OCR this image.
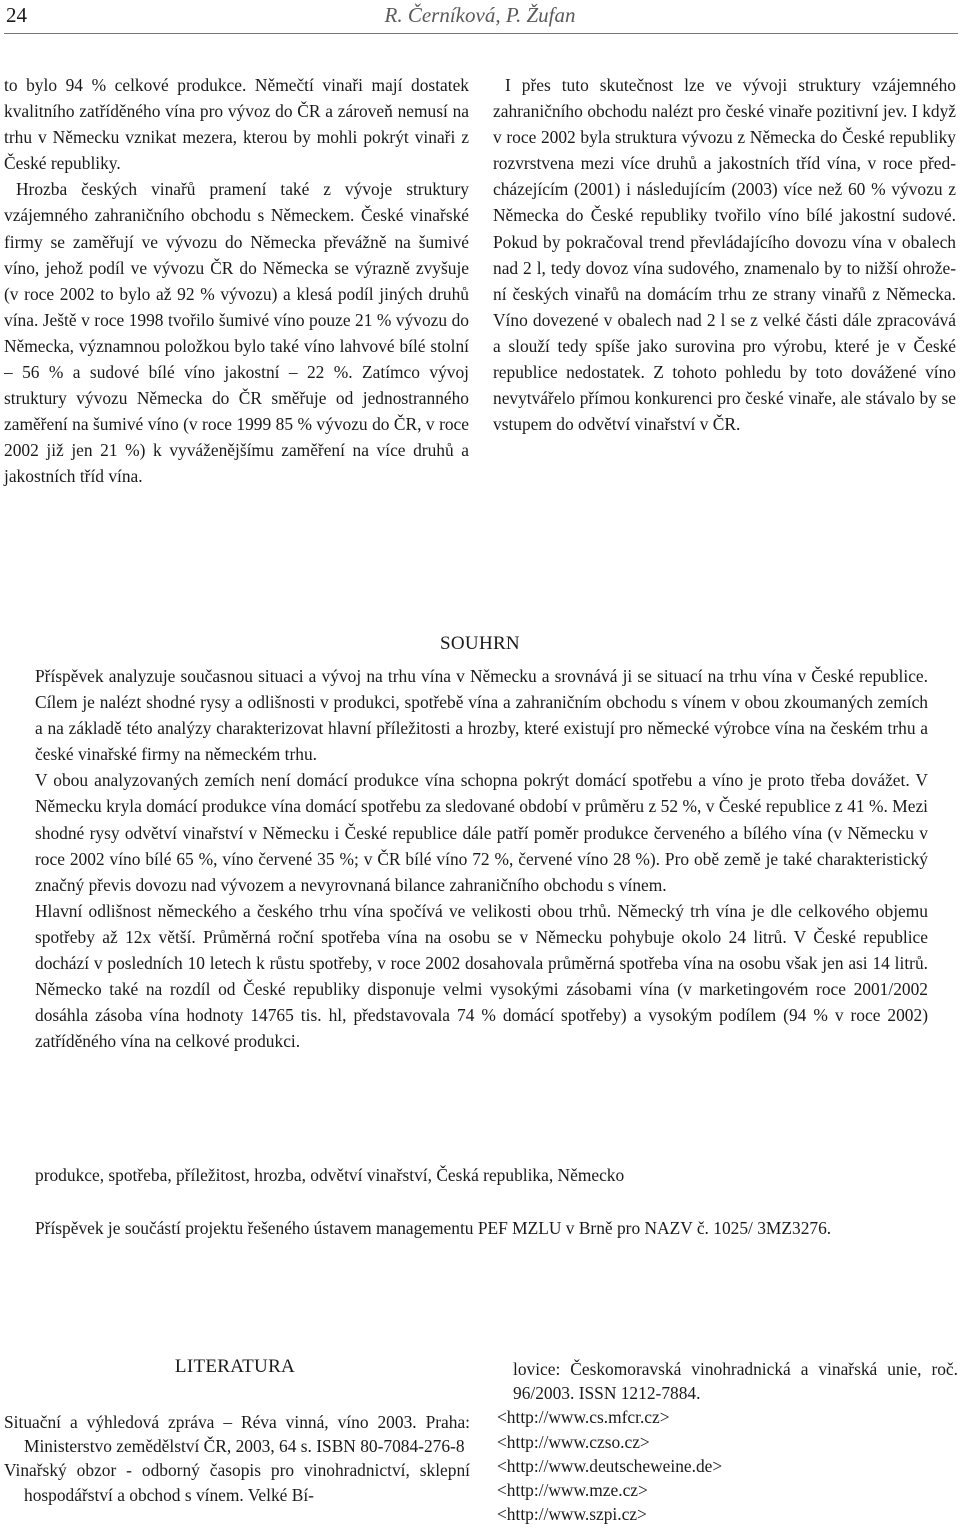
24	R. Černíková, P. Žufan

to bylo 94 % celkové produkce. Němečtí vinaři mají dostatek kvalitního zatříděného vína pro vývoz do ČR a zároveň nemusí na trhu v Německu vznikat mezera, kterou by mohli pokrýt vinaři z České republiky.

Hrozba českých vinařů pramení také z vývoje struktury vzájemného zahraničního obchodu s Německem. České vinařské firmy se zaměřují ve vývozu do Německa převážně na šumivé víno, jehož podíl ve vývozu ČR do Německa se výrazně zvyšuje (v roce 2002 to bylo až 92 % vývozu) a klesá podíl jiných druhů vína. Ještě v roce 1998 tvořilo šumivé víno pouze 21 % vývozu do Německa, významnou položkou bylo také víno lahvové bílé stolní – 56 % a sudové bílé víno jakostní – 22 %. Zatímco vývoj struktury vývozu Německa do ČR směřuje od jednostranného zaměření na šumivé víno (v roce 1999 85 % vývozu do ČR, v roce 2002 již jen 21 %) k vyváženějšímu zaměření na více druhů a jakostních tříd vína.

I přes tuto skutečnost lze ve vývoji struktury vzájemného zahraničního obchodu nalézt pro české vinaře pozitivní jev. I když v roce 2002 byla struktura vývozu z Německa do České republiky rozvrstvena mezi více druhů a jakostních tříd vína, v roce předcházejícím (2001) i následujícím (2003) více než 60 % vývozu z Německa do České republiky tvořilo víno bílé jakostní sudové. Pokud by pokračoval trend převládajícího dovozu vína v obalech nad 2 l, tedy dovoz vína sudového, znamenalo by to nižší ohrožení českých vinařů na domácím trhu ze strany vinařů z Německa. Víno dovezené v obalech nad 2 l se z velké části dále zpracovává a slouží tedy spíše jako surovina pro výrobu, které je v České republice nedostatek. Z tohoto pohledu by toto dovážené víno nevytvářelo přímou konkurenci pro české vinaře, ale stávalo by se vstupem do odvětví vinařství v ČR.

SOUHRN

Příspěvek analyzuje současnou situaci a vývoj na trhu vína v Německu a srovnává ji se situací na trhu vína v České republice. Cílem je nalézt shodné rysy a odlišnosti v produkci, spotřebě vína a zahraničním obchodu s vínem v obou zkoumaných zemích a na základě této analýzy charakterizovat hlavní příležitosti a hrozby, které existují pro německé výrobce vína na českém trhu a české vinařské firmy na německém trhu.

V obou analyzovaných zemích není domácí produkce vína schopna pokrýt domácí spotřebu a víno je proto třeba dovážet. V Německu kryla domácí produkce vína domácí spotřebu za sledované období v průměru z 52 %, v České republice z 41 %. Mezi shodné rysy odvětví vinařství v Německu i České republice dále patří poměr produkce červeného a bílého vína (v Německu v roce 2002 víno bílé 65 %, víno červené 35 %; v ČR bílé víno 72 %, červené víno 28 %). Pro obě země je také charakteristický značný převis dovozu nad vývozem a nevyrovnaná bilance zahraničního obchodu s vínem.

Hlavní odlišnost německého a českého trhu vína spočívá ve velikosti obou trhů. Německý trh vína je dle celkového objemu spotřeby až 12x větší. Průměrná roční spotřeba vína na osobu se v Německu pohybuje okolo 24 litrů. V České republice dochází v posledních 10 letech k růstu spotřeby, v roce 2002 dosahovala průměrná spotřeba vína na osobu však jen asi 14 litrů. Německo také na rozdíl od České republiky disponuje velmi vysokými zásobami vína (v marketingovém roce 2001/2002 dosáhla zásoba vína hodnoty 14765 tis. hl, představovala 74 % domácí spotřeby) a vysokým podílem (94 % v roce 2002) zatříděného vína na celkové produkci.

produkce, spotřeba, příležitost, hrozba, odvětví vinařství, Česká republika, Německo
Příspěvek je součástí projektu řešeného ústavem managementu PEF MZLU v Brně pro NAZV č. 1025/ 3MZ3276.
LITERATURA
Situační a výhledová zpráva – Réva vinná, víno 2003. Praha: Ministerstvo zemědělství ČR, 2003, 64 s. ISBN 80-7084-276-8
Vinařský obzor - odborný časopis pro vinohradnictví, sklepní hospodářství a obchod s vínem. Velké Bí-
lovice: Českomoravská vinohradnická a vinařská unie, roč. 96/2003. ISSN 1212-7884.
<http://www.cs.mfcr.cz>
<http://www.czso.cz>
<http://www.deutscheweine.de>
<http://www.mze.cz>
<http://www.szpi.cz>
